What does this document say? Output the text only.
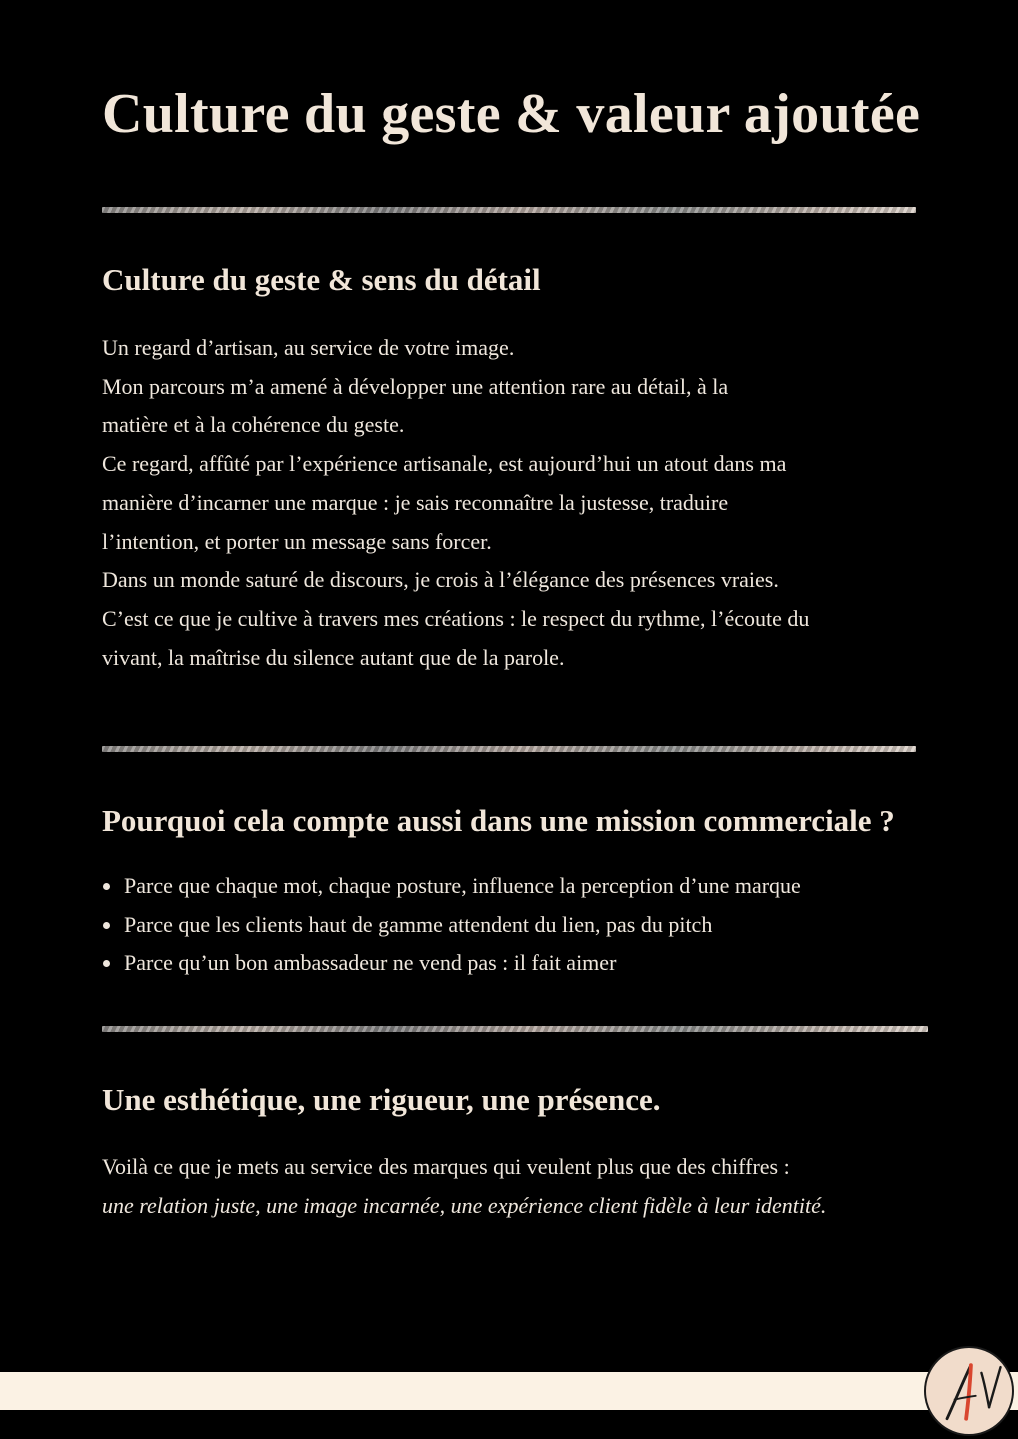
Culture du geste & valeur ajoutée
Culture du geste & sens du détail

Un regard d’artisan, au service de votre image.
Mon parcours m’a amené à développer une attention rare au détail, à la
matière et à la cohérence du geste.
Ce regard, affûté par l’expérience artisanale, est aujourd’hui un atout dans ma
manière d’incarner une marque : je sais reconnaître la justesse, traduire
l’intention, et porter un message sans forcer.
Dans un monde saturé de discours, je crois à l’élégance des présences vraies.
C’est ce que je cultive à travers mes créations : le respect du rythme, l’écoute du
vivant, la maîtrise du silence autant que de la parole.

Pourquoi cela compte aussi dans une mission commerciale ?
Parce que chaque mot, chaque posture, influence la perception d’une marque
Parce que les clients haut de gamme attendent du lien, pas du pitch
Parce qu’un bon ambassadeur ne vend pas : il fait aimer
Une esthétique, une rigueur, une présence.

Voilà ce que je mets au service des marques qui veulent plus que des chiffres :
une relation juste, une image incarnée, une expérience client fidèle à leur identité.
